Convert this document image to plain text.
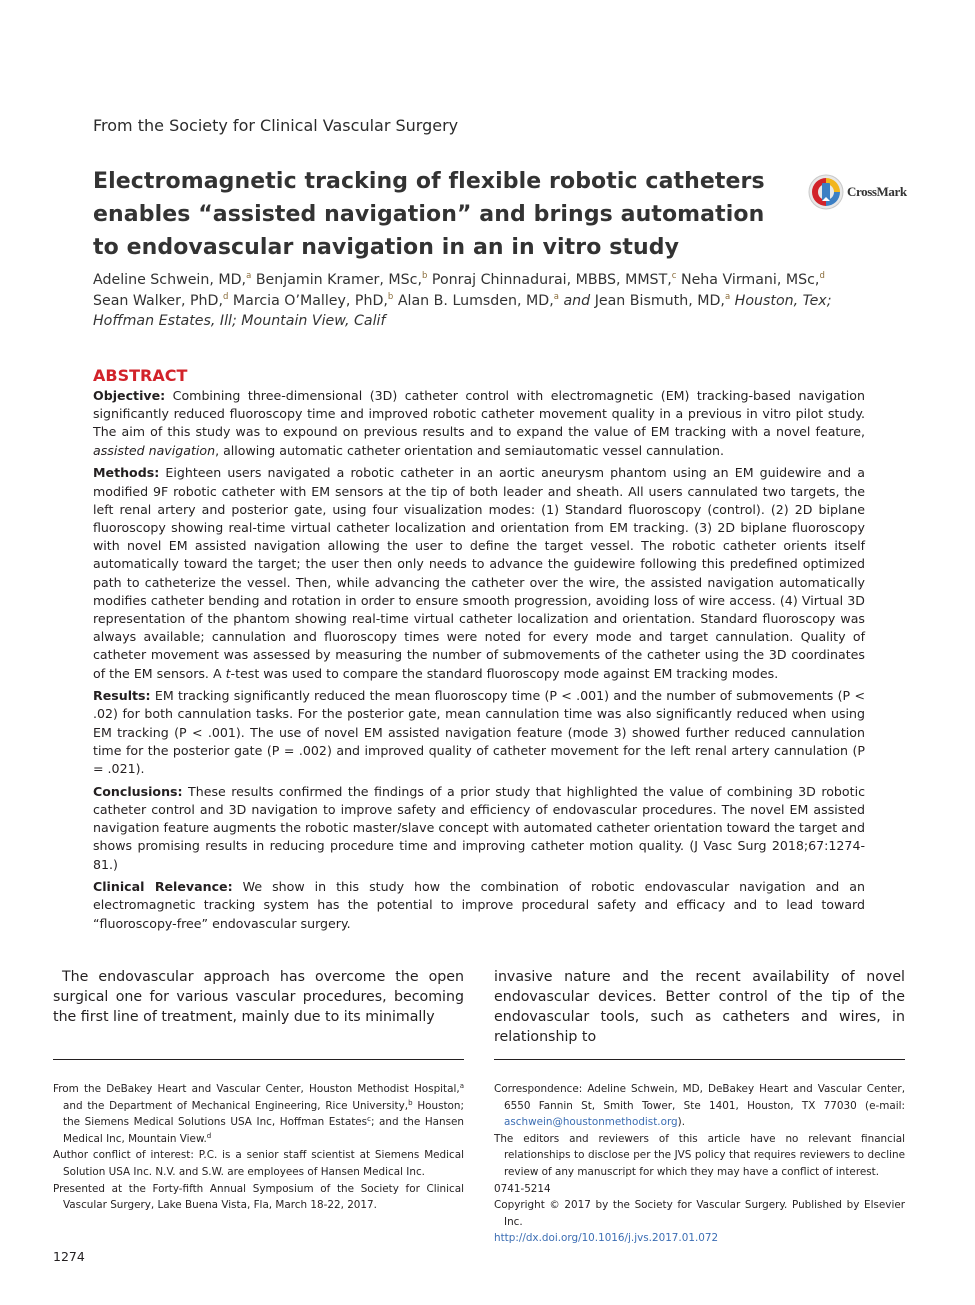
From the Society for Clinical Vascular Surgery
Electromagnetic tracking of flexible robotic catheters enables “assisted navigation” and brings automation to endovascular navigation in an in vitro study
CrossMark
Adeline Schwein, MD,$^a$ Benjamin Kramer, MSc,$^b$ Ponraj Chinnadurai, MBBS, MMST,$^c$ Neha Virmani, MSc,$^d$
Sean Walker, PhD,$^d$ Marcia O’Malley, PhD,$^b$ Alan B. Lumsden, MD,$^a$ and Jean Bismuth, MD,$^a$ Houston, Tex;
Hoffman Estates, Ill; Mountain View, Calif
ABSTRACT

Objective: Combining three-dimensional (3D) catheter control with electromagnetic (EM) tracking-based navigation significantly reduced fluoroscopy time and improved robotic catheter movement quality in a previous in vitro pilot study. The aim of this study was to expound on previous results and to expand the value of EM tracking with a novel feature, assisted navigation, allowing automatic catheter orientation and semiautomatic vessel cannulation.

Methods: Eighteen users navigated a robotic catheter in an aortic aneurysm phantom using an EM guidewire and a modified 9F robotic catheter with EM sensors at the tip of both leader and sheath. All users cannulated two targets, the left renal artery and posterior gate, using four visualization modes: (1) Standard fluoroscopy (control). (2) 2D biplane fluoroscopy showing real-time virtual catheter localization and orientation from EM tracking. (3) 2D biplane fluoroscopy with novel EM assisted navigation allowing the user to define the target vessel. The robotic catheter orients itself automatically toward the target; the user then only needs to advance the guidewire following this predefined optimized path to catheterize the vessel. Then, while advancing the catheter over the wire, the assisted navigation automatically modifies catheter bending and rotation in order to ensure smooth progression, avoiding loss of wire access. (4) Virtual 3D representation of the phantom showing real-time virtual catheter localization and orientation. Standard fluoroscopy was always available; cannulation and fluoroscopy times were noted for every mode and target cannulation. Quality of catheter movement was assessed by measuring the number of submovements of the catheter using the 3D coordinates of the EM sensors. A t-test was used to compare the standard fluoroscopy mode against EM tracking modes.

Results: EM tracking significantly reduced the mean fluoroscopy time (P < .001) and the number of submovements (P < .02) for both cannulation tasks. For the posterior gate, mean cannulation time was also significantly reduced when using EM tracking (P < .001). The use of novel EM assisted navigation feature (mode 3) showed further reduced cannulation time for the posterior gate (P = .002) and improved quality of catheter movement for the left renal artery cannulation (P = .021).

Conclusions: These results confirmed the findings of a prior study that highlighted the value of combining 3D robotic catheter control and 3D navigation to improve safety and efficiency of endovascular procedures. The novel EM assisted navigation feature augments the robotic master/slave concept with automated catheter orientation toward the target and shows promising results in reducing procedure time and improving catheter motion quality. (J Vasc Surg 2018;67:1274-81.)

Clinical Relevance: We show in this study how the combination of robotic endovascular navigation and an electromagnetic tracking system has the potential to improve procedural safety and efficacy and to lead toward “fluoroscopy-free” endovascular surgery.

The endovascular approach has overcome the open surgical one for various vascular procedures, becoming the first line of treatment, mainly due to its minimally

invasive nature and the recent availability of novel endovascular devices. Better control of the tip of the endovascular tools, such as catheters and wires, in relationship to

From the DeBakey Heart and Vascular Center, Houston Methodist Hospital,$^a$ and the Department of Mechanical Engineering, Rice University,$^b$ Houston; the Siemens Medical Solutions USA Inc, Hoffman Estates$^c$; and the Hansen Medical Inc, Mountain View.$^d$

Author conflict of interest: P.C. is a senior staff scientist at Siemens Medical Solution USA Inc. N.V. and S.W. are employees of Hansen Medical Inc.

Presented at the Forty-fifth Annual Symposium of the Society for Clinical Vascular Surgery, Lake Buena Vista, Fla, March 18-22, 2017.

Correspondence: Adeline Schwein, MD, DeBakey Heart and Vascular Center, 6550 Fannin St, Smith Tower, Ste 1401, Houston, TX 77030 (e-mail: aschwein@houstonmethodist.org).

The editors and reviewers of this article have no relevant financial relationships to disclose per the JVS policy that requires reviewers to decline review of any manuscript for which they may have a conflict of interest.

0741-5214

Copyright © 2017 by the Society for Vascular Surgery. Published by Elsevier Inc.

http://dx.doi.org/10.1016/j.jvs.2017.01.072

1274
